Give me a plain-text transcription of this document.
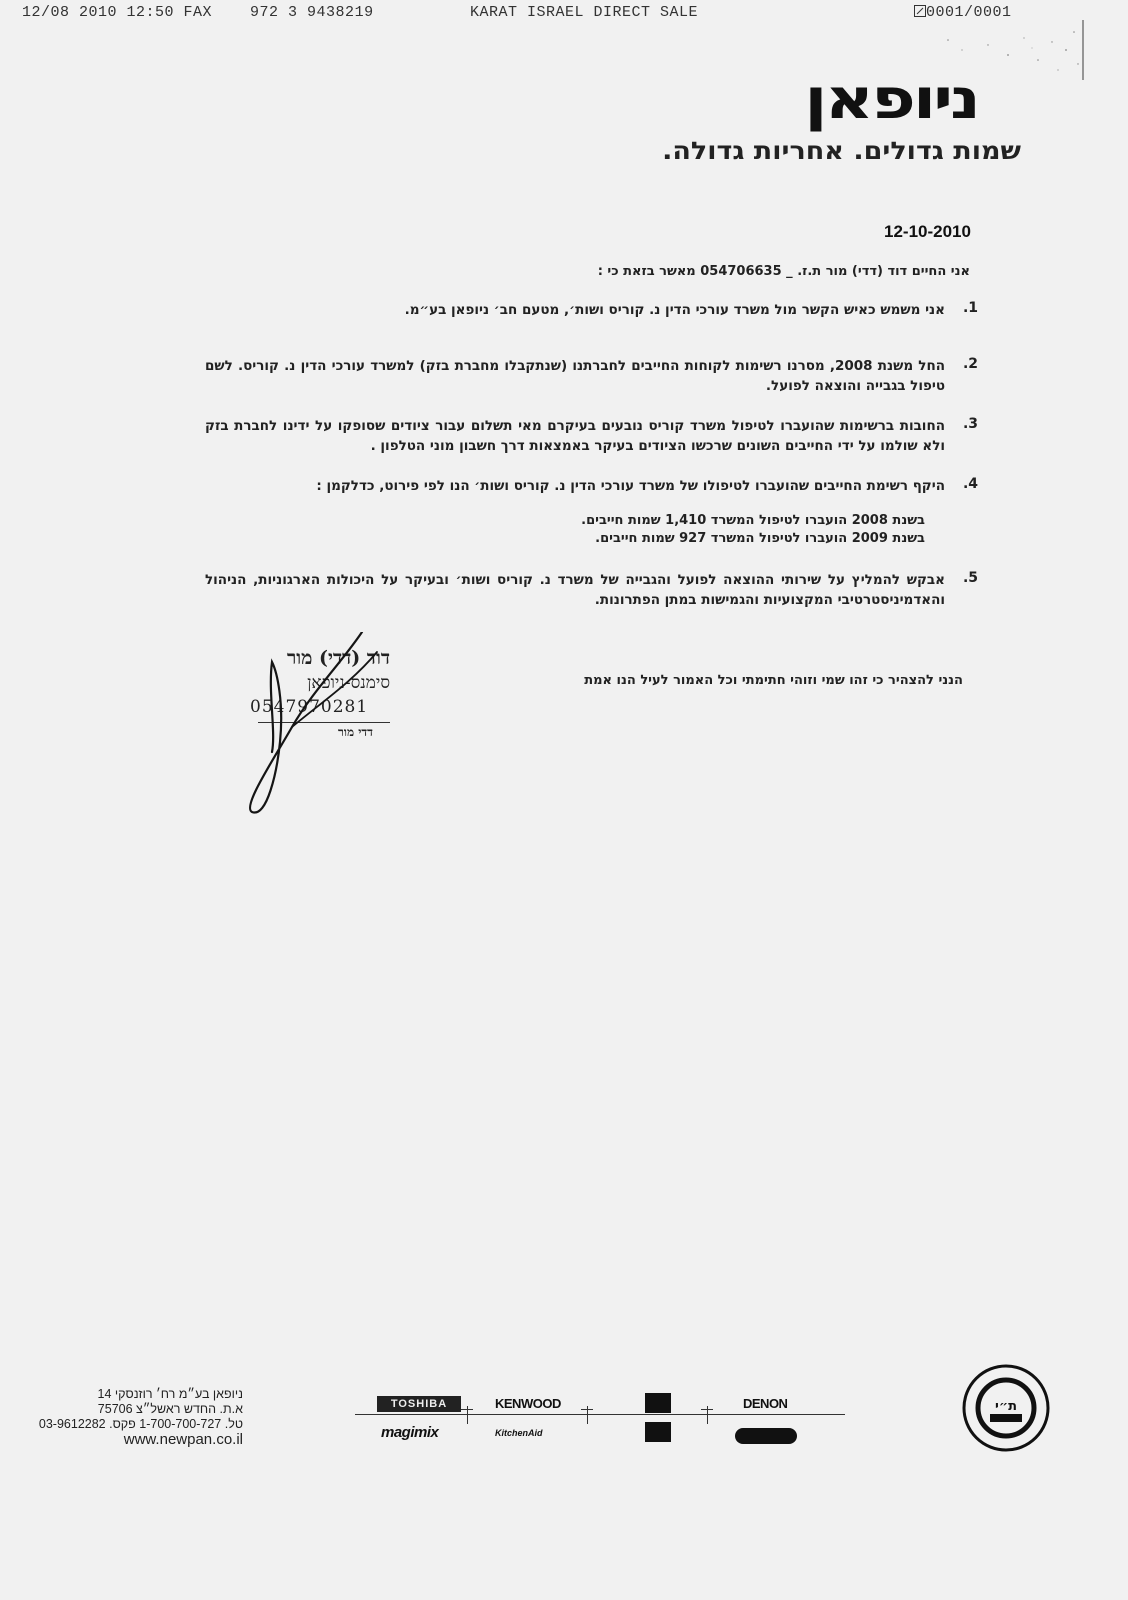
12/08 2010 12:50 FAX	972 3 9438219	KARAT ISRAEL DIRECT SALE	0001/0001
ניופאן
שמות גדולים. אחריות גדולה.
12-10-2010
אני החיים דוד (דדי) מור ת.ז. _ 054706635 מאשר בזאת כי :
.1
אני משמש כאיש הקשר מול משרד עורכי הדין נ. קוריס ושות׳, מטעם חב׳ ניופאן בע״מ.
.2
החל משנת 2008, מסרנו רשימות לקוחות החייבים לחברתנו (שנתקבלו מחברת בזק) למשרד עורכי הדין נ. קוריס. לשם טיפול בגבייה והוצאה לפועל.
.3
החובות ברשימות שהועברו לטיפול משרד קוריס נובעים בעיקרם מאי תשלום עבור ציודים שסופקו על ידינו לחברת בזק ולא שולמו על ידי החייבים השונים שרכשו הציודים בעיקר באמצאות דרך חשבון מוני הטלפון .
.4
היקף רשימת החייבים שהועברו לטיפולו של משרד עורכי הדין נ. קוריס ושות׳ הנו לפי פירוט, כדלקמן :
בשנת 2008 הועברו לטיפול המשרד 1,410 שמות חייבים.
בשנת 2009 הועברו לטיפול המשרד 927 שמות חייבים.
.5
אבקש להמליץ על שירותי ההוצאה לפועל והגבייה של משרד נ. קוריס ושות׳ ובעיקר על היכולות הארגוניות, הניהול והאדמיניסטרטיבי המקצועיות והגמישות במתן הפתרונות.
הנני להצהיר כי זהו שמי וזוהי חתימתי וכל האמור לעיל הנו אמת
דוד (דדי) מור
סימנס-ניופאן
0547970281
דדי מור
ניופאן בע״מ רח׳ רוזנסקי 14
א.ת. החדש ראשל״צ 75706
טל. 1-700-700-727 פקס. 03-9612282
www.newpan.co.il
TOSHIBA	KENWOOD
magimix	KitchenAid
DENON	ת״י
